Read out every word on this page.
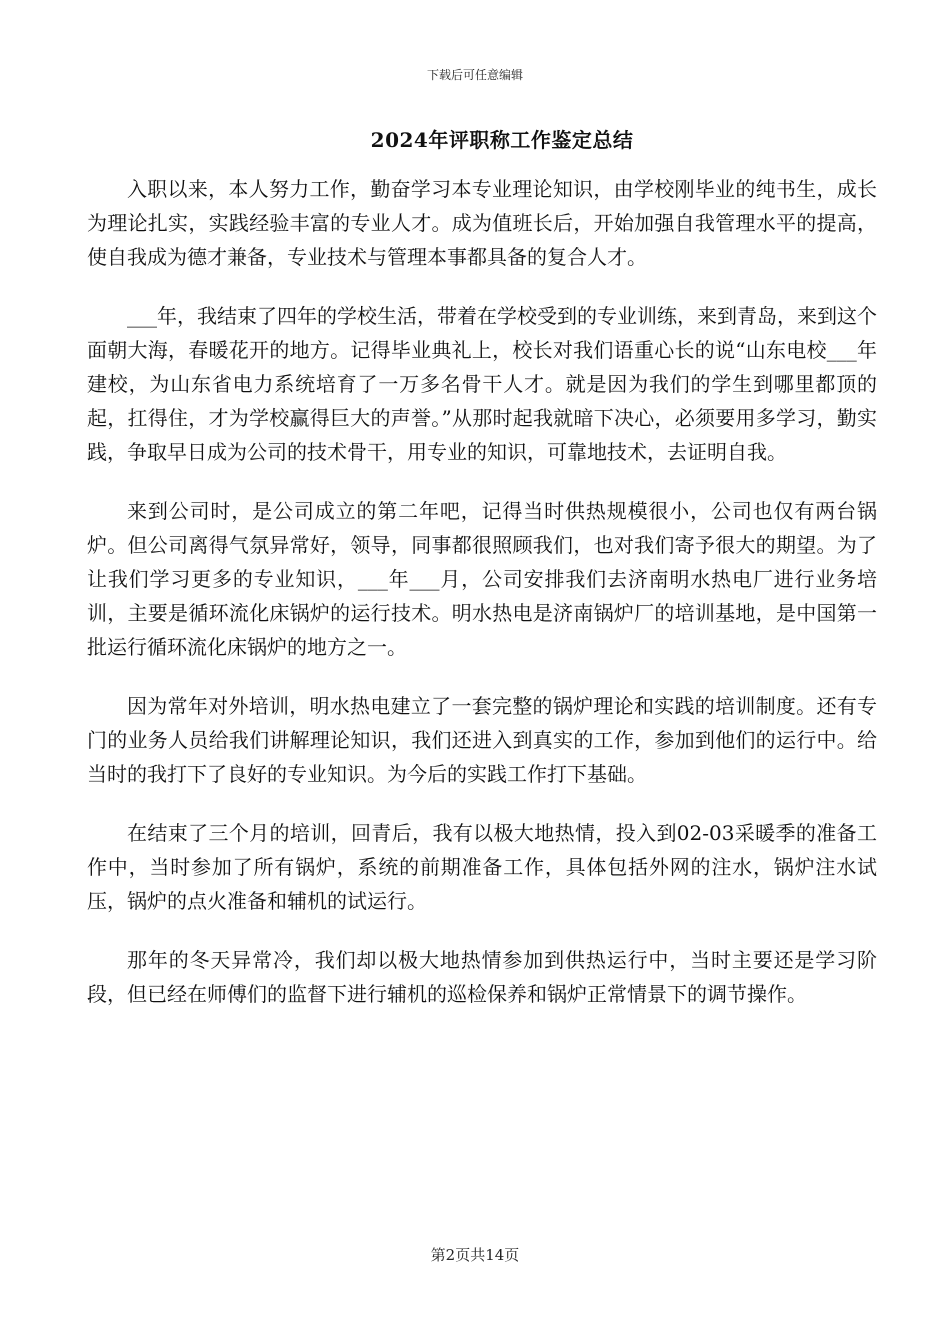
下载后可任意编辑
2024年评职称工作鉴定总结

入职以来，本人努力工作，勤奋学习本专业理论知识，由学校刚毕业的纯书生，成长为理论扎实，实践经验丰富的专业人才。成为值班长后，开始加强自我管理水平的提高，使自我成为德才兼备，专业技术与管理本事都具备的复合人才。

___年，我结束了四年的学校生活，带着在学校受到的专业训练，来到青岛，来到这个面朝大海，春暖花开的地方。记得毕业典礼上，校长对我们语重心长的说“山东电校___年建校，为山东省电力系统培育了一万多名骨干人才。就是因为我们的学生到哪里都顶的起，扛得住，才为学校赢得巨大的声誉。”从那时起我就暗下决心，必须要用多学习，勤实践，争取早日成为公司的技术骨干，用专业的知识，可靠地技术，去证明自我。

来到公司时，是公司成立的第二年吧，记得当时供热规模很小，公司也仅有两台锅炉。但公司离得气氛异常好，领导，同事都很照顾我们，也对我们寄予很大的期望。为了让我们学习更多的专业知识，___年___月，公司安排我们去济南明水热电厂进行业务培训，主要是循环流化床锅炉的运行技术。明水热电是济南锅炉厂的培训基地，是中国第一批运行循环流化床锅炉的地方之一。

因为常年对外培训，明水热电建立了一套完整的锅炉理论和实践的培训制度。还有专门的业务人员给我们讲解理论知识，我们还进入到真实的工作，参加到他们的运行中。给当时的我打下了良好的专业知识。为今后的实践工作打下基础。

在结束了三个月的培训，回青后，我有以极大地热情，投入到02-03采暖季的准备工作中，当时参加了所有锅炉，系统的前期准备工作，具体包括外网的注水，锅炉注水试压，锅炉的点火准备和辅机的试运行。

那年的冬天异常冷，我们却以极大地热情参加到供热运行中，当时主要还是学习阶段，但已经在师傅们的监督下进行辅机的巡检保养和锅炉正常情景下的调节操作。

第2页共14页
